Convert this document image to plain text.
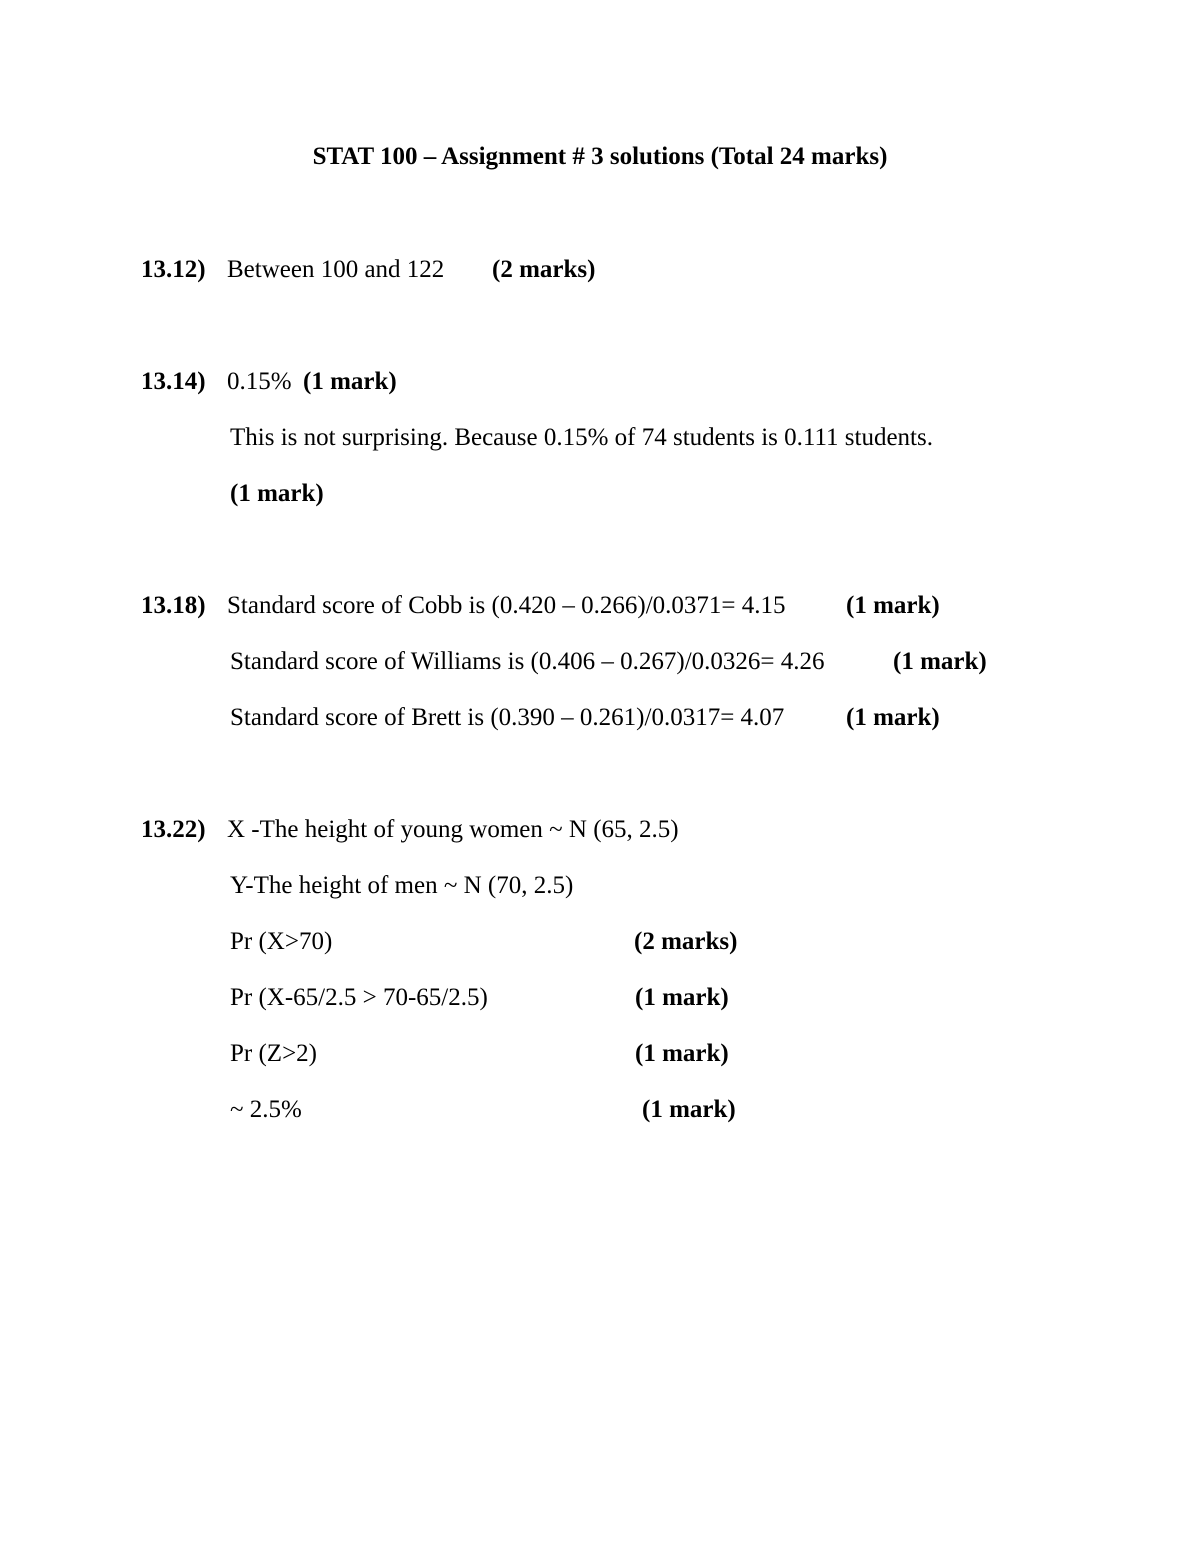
STAT 100 – Assignment # 3 solutions (Total 24 marks)
13.12) Between 100 and 122 (2 marks)
13.14) 0.15% (1 mark)
This is not surprising. Because 0.15% of 74 students is 0.111 students.
(1 mark)
13.18) Standard score of Cobb is (0.420 – 0.266)/0.0371= 4.15 (1 mark)
Standard score of Williams is (0.406 – 0.267)/0.0326= 4.26	(1 mark)
Standard score of Brett is (0.390 – 0.261)/0.0317= 4.07 (1 mark)
13.22) X -The height of young women ~ N (65, 2.5)
Y-The height of men ~ N (70, 2.5)
Pr (X>70)	(2 marks)
Pr (X-65/2.5 > 70-65/2.5)	(1 mark)
Pr (Z>2)	(1 mark)
~ 2.5%	(1 mark)
